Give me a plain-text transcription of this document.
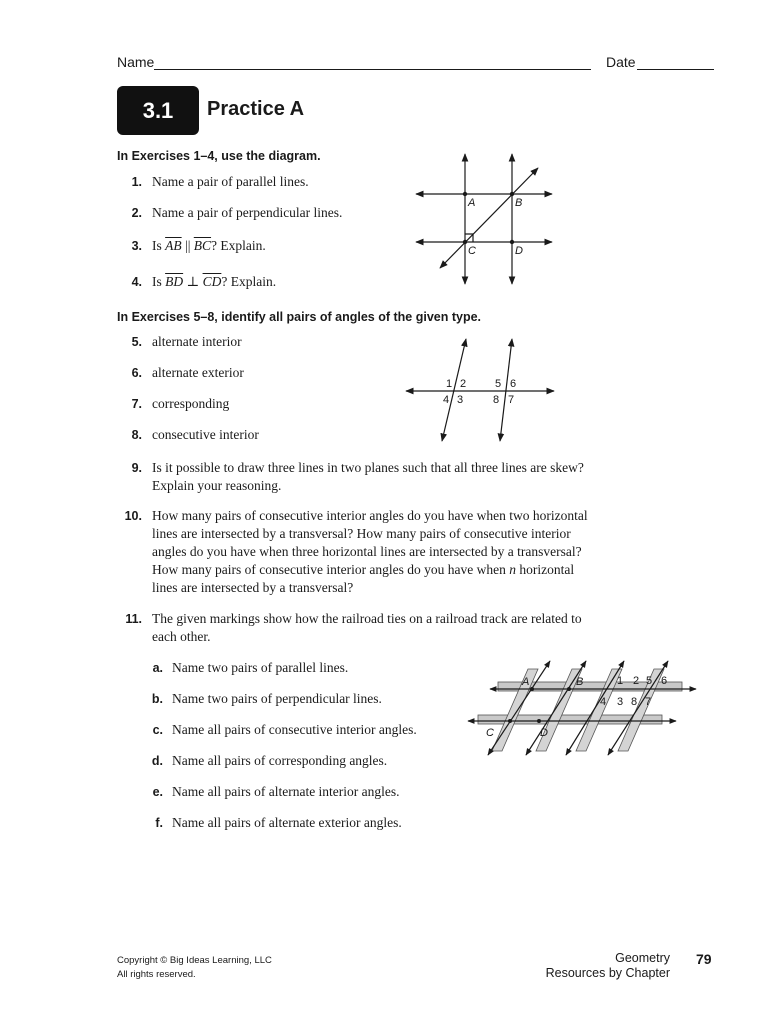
Name	Date
3.1	Practice A
In Exercises 1–4, use the diagram.
1. Name a pair of parallel lines.
2. Name a pair of perpendicular lines.
3. Is $\overline{AB}$ || $\overline{BC}$? Explain.
4. Is $\overline{BD}$ ⊥ $\overline{CD}$? Explain.
A	B
C	D
In Exercises 5–8, identify all pairs of angles of the given type.
5. alternate interior
6. alternate exterior
7. corresponding
8. consecutive interior
1 2
4 3
5 6
8 7
9. Is it possible to draw three lines in two planes such that all three lines are skew?
Explain your reasoning.
10. How many pairs of consecutive interior angles do you have when two horizontal
lines are intersected by a transversal? How many pairs of consecutive interior
angles do you have when three horizontal lines are intersected by a transversal?
How many pairs of consecutive interior angles do you have when n horizontal
lines are intersected by a transversal?
11. The given markings show how the railroad ties on a railroad track are related to
each other.
a. Name two pairs of parallel lines.
b. Name two pairs of perpendicular lines.
c. Name all pairs of consecutive interior angles.
d. Name all pairs of corresponding angles.
e. Name all pairs of alternate interior angles.
f. Name all pairs of alternate exterior angles.
A	B
C	D
1 2 5 6
4 3 8 7
Copyright © Big Ideas Learning, LLC
All rights reserved.
Geometry
Resources by Chapter
79
